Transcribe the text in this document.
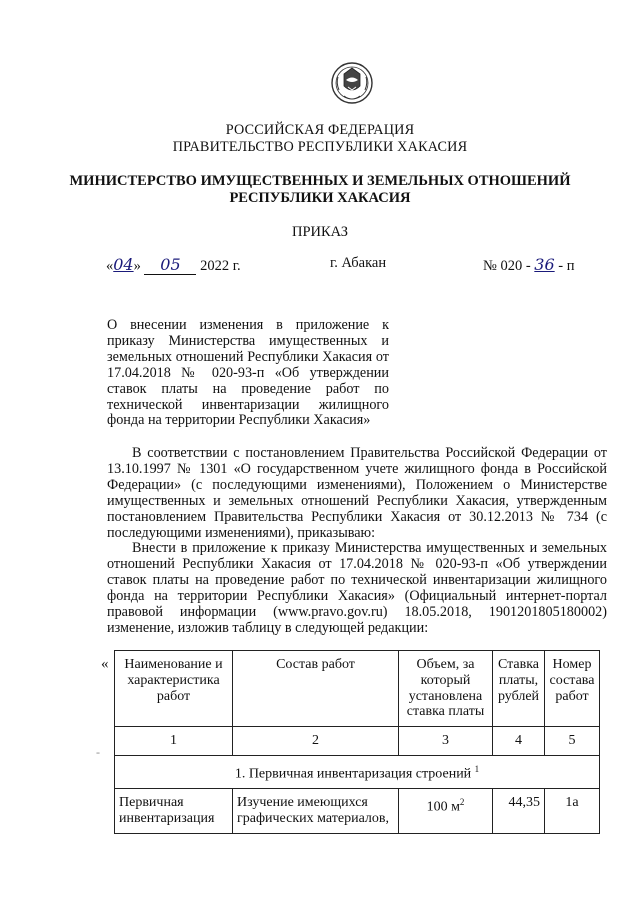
РОССИЙСКАЯ ФЕДЕРАЦИЯ
ПРАВИТЕЛЬСТВО РЕСПУБЛИКИ ХАКАСИЯ
МИНИСТЕРСТВО ИМУЩЕСТВЕННЫХ И ЗЕМЕЛЬНЫХ ОТНОШЕНИЙ
РЕСПУБЛИКИ ХАКАСИЯ
ПРИКАЗ
«04» 05 2022 г.	г. Абакан	№ 020 - 36 - п

О внесении изменения в приложение к приказу Министерства имущественных и земельных отношений Республики Хакасия от 17.04.2018 № 020-93-п «Об утверждении ставок платы на проведение работ по технической инвентаризации жилищного фонда на территории Республики Хакасия»

В соответствии с постановлением Правительства Российской Федерации от 13.10.1997 № 1301 «О государственном учете жилищного фонда в Российской Федерации» (с последующими изменениями), Положением о Министерстве имущественных и земельных отношений Республики Хакасия, утвержденным постановлением Правительства Республики Хакасия от 30.12.2013 № 734 (с последующими изменениями), приказываю:

Внести в приложение к приказу Министерства имущественных и земельных отношений Республики Хакасия от 17.04.2018 № 020-93-п «Об утверждении ставок платы на проведение работ по технической инвентаризации жилищного фонда на территории Республики Хакасия» (Официальный интернет-портал правовой информации (www.pravo.gov.ru) 18.05.2018, 1901201805180002) изменение, изложив таблицу в следующей редакции:

«
-
Наименование и характеристика работ	Состав работ	Объем, за который установлена ставка платы	Ставка платы, рублей	Номер состава работ
1	2	3	4	5
1. Первичная инвентаризация строений $^1$
Первичная инвентаризация	Изучение имеющихся графических материалов,	100 $м^2$	44,35	1а
